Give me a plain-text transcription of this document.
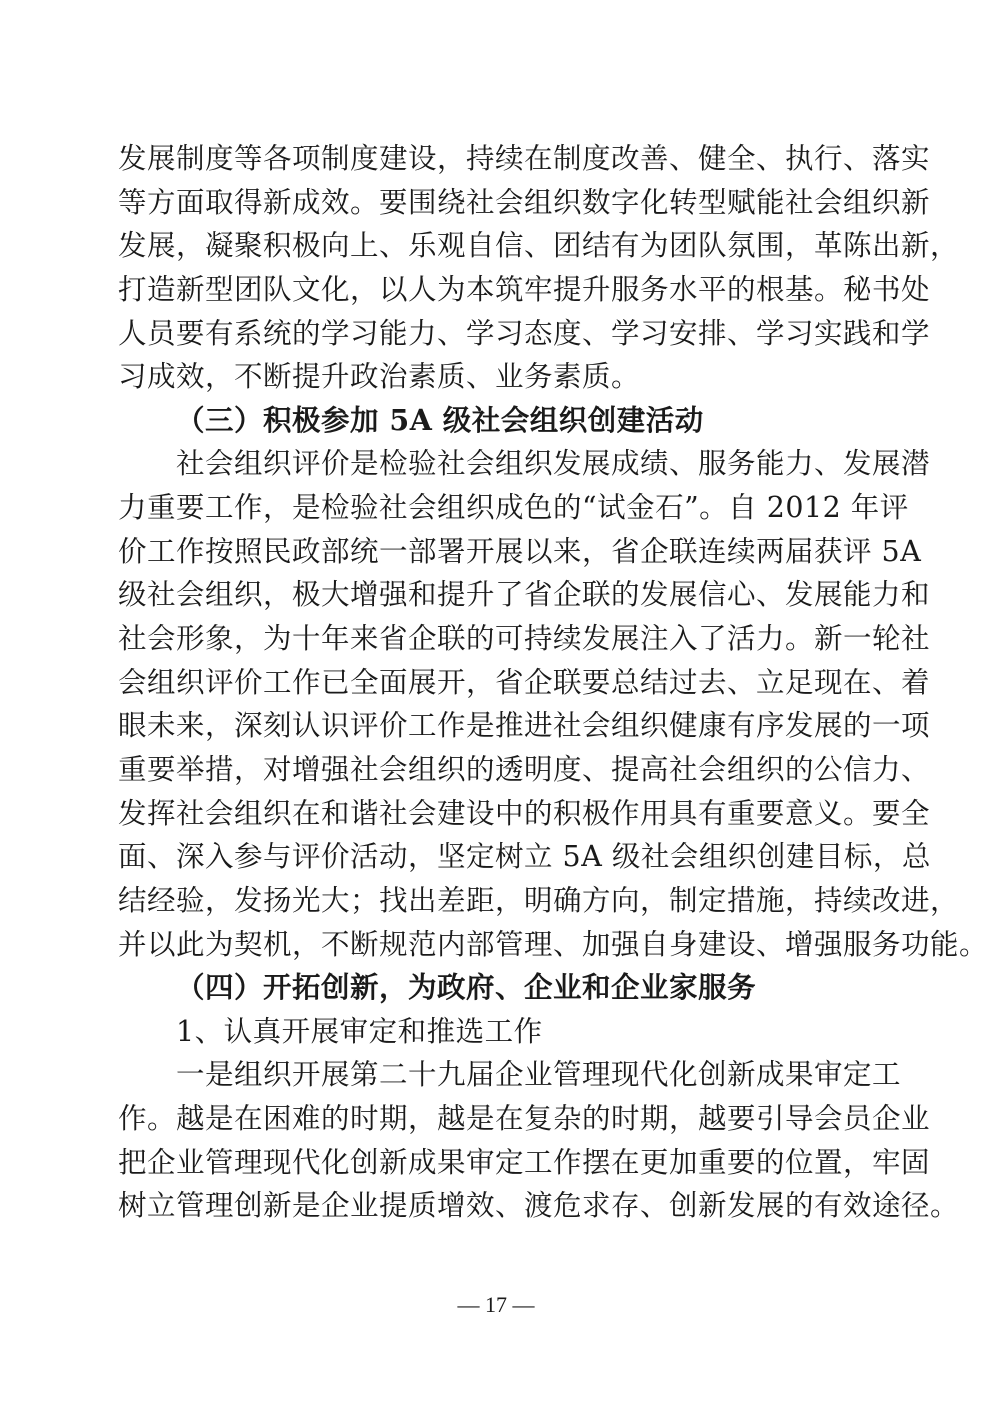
发展制度等各项制度建设，持续在制度改善、健全、执行、落实
等方面取得新成效。要围绕社会组织数字化转型赋能社会组织新
发展，凝聚积极向上、乐观自信、团结有为团队氛围，革陈出新，
打造新型团队文化，以人为本筑牢提升服务水平的根基。秘书处
人员要有系统的学习能力、学习态度、学习安排、学习实践和学
习成效，不断提升政治素质、业务素质。
（三）积极参加 5A 级社会组织创建活动
社会组织评价是检验社会组织发展成绩、服务能力、发展潜
力重要工作，是检验社会组织成色的“试金石”。自 2012 年评
价工作按照民政部统一部署开展以来，省企联连续两届获评 5A
级社会组织，极大增强和提升了省企联的发展信心、发展能力和
社会形象，为十年来省企联的可持续发展注入了活力。新一轮社
会组织评价工作已全面展开，省企联要总结过去、立足现在、着
眼未来，深刻认识评价工作是推进社会组织健康有序发展的一项
重要举措，对增强社会组织的透明度、提高社会组织的公信力、
发挥社会组织在和谐社会建设中的积极作用具有重要意义。要全
面、深入参与评价活动，坚定树立 5A 级社会组织创建目标，总
结经验，发扬光大；找出差距，明确方向，制定措施，持续改进，
并以此为契机，不断规范内部管理、加强自身建设、增强服务功能。
（四）开拓创新，为政府、企业和企业家服务
1、认真开展审定和推选工作
一是组织开展第二十九届企业管理现代化创新成果审定工
作。越是在困难的时期，越是在复杂的时期，越要引导会员企业
把企业管理现代化创新成果审定工作摆在更加重要的位置，牢固
树立管理创新是企业提质增效、渡危求存、创新发展的有效途径。
— 17 —
